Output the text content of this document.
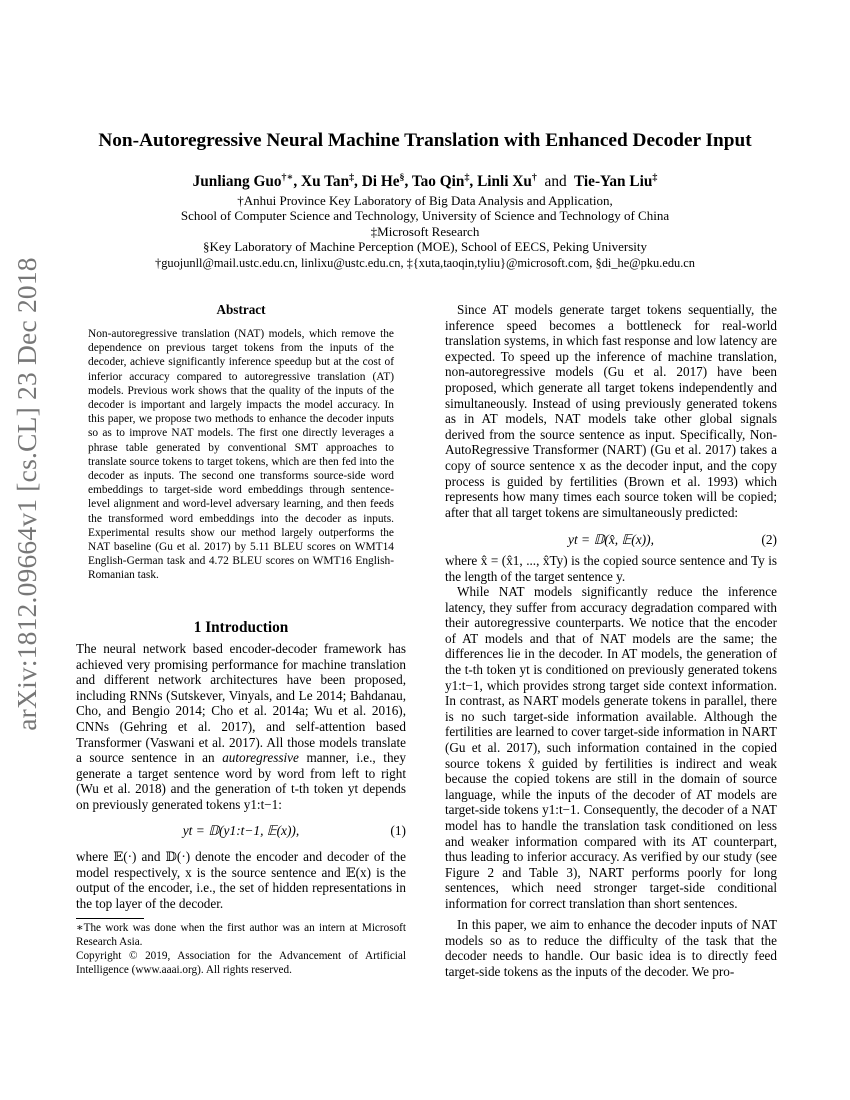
arXiv:1812.09664v1 [cs.CL] 23 Dec 2018
Non-Autoregressive Neural Machine Translation with Enhanced Decoder Input
Junliang Guo†∗, Xu Tan‡, Di He§, Tao Qin‡, Linli Xu† and Tie-Yan Liu‡
†Anhui Province Key Laboratory of Big Data Analysis and Application,
School of Computer Science and Technology, University of Science and Technology of China
‡Microsoft Research
§Key Laboratory of Machine Perception (MOE), School of EECS, Peking University
†guojunll@mail.ustc.edu.cn, linlixu@ustc.edu.cn, ‡{xuta,taoqin,tyliu}@microsoft.com, §di_he@pku.edu.cn
Abstract
Non-autoregressive translation (NAT) models, which remove the dependence on previous target tokens from the inputs of the decoder, achieve significantly inference speedup but at the cost of inferior accuracy compared to autoregressive translation (AT) models. Previous work shows that the quality of the inputs of the decoder is important and largely impacts the model accuracy. In this paper, we propose two methods to enhance the decoder inputs so as to improve NAT models. The first one directly leverages a phrase table generated by conventional SMT approaches to translate source tokens to target tokens, which are then fed into the decoder as inputs. The second one transforms source-side word embeddings to target-side word embeddings through sentence-level alignment and word-level adversary learning, and then feeds the transformed word embeddings into the decoder as inputs. Experimental results show our method largely outperforms the NAT baseline (Gu et al. 2017) by 5.11 BLEU scores on WMT14 English-German task and 4.72 BLEU scores on WMT16 English-Romanian task.
1 Introduction
The neural network based encoder-decoder framework has achieved very promising performance for machine translation and different network architectures have been proposed, including RNNs (Sutskever, Vinyals, and Le 2014; Bahdanau, Cho, and Bengio 2014; Cho et al. 2014a; Wu et al. 2016), CNNs (Gehring et al. 2017), and self-attention based Transformer (Vaswani et al. 2017). All those models translate a source sentence in an autoregressive manner, i.e., they generate a target sentence word by word from left to right (Wu et al. 2018) and the generation of t-th token yt depends on previously generated tokens y1:t−1:
yt = 𝔻(y1:t−1, 𝔼(x)),	(1)
where 𝔼(·) and 𝔻(·) denote the encoder and decoder of the model respectively, x is the source sentence and 𝔼(x) is the output of the encoder, i.e., the set of hidden representations in the top layer of the decoder.
∗The work was done when the first author was an intern at Microsoft Research Asia.
Copyright © 2019, Association for the Advancement of Artificial Intelligence (www.aaai.org). All rights reserved.
Since AT models generate target tokens sequentially, the inference speed becomes a bottleneck for real-world translation systems, in which fast response and low latency are expected. To speed up the inference of machine translation, non-autoregressive models (Gu et al. 2017) have been proposed, which generate all target tokens independently and simultaneously. Instead of using previously generated tokens as in AT models, NAT models take other global signals derived from the source sentence as input. Specifically, Non-AutoRegressive Transformer (NART) (Gu et al. 2017) takes a copy of source sentence x as the decoder input, and the copy process is guided by fertilities (Brown et al. 1993) which represents how many times each source token will be copied; after that all target tokens are simultaneously predicted:
yt = 𝔻(x̂, 𝔼(x)),	(2)
where x̂ = (x̂1, ..., x̂Ty) is the copied source sentence and Ty is the length of the target sentence y.
While NAT models significantly reduce the inference latency, they suffer from accuracy degradation compared with their autoregressive counterparts. We notice that the encoder of AT models and that of NAT models are the same; the differences lie in the decoder. In AT models, the generation of the t-th token yt is conditioned on previously generated tokens y1:t−1, which provides strong target side context information. In contrast, as NART models generate tokens in parallel, there is no such target-side information available. Although the fertilities are learned to cover target-side information in NART (Gu et al. 2017), such information contained in the copied source tokens x̂ guided by fertilities is indirect and weak because the copied tokens are still in the domain of source language, while the inputs of the decoder of AT models are target-side tokens y1:t−1. Consequently, the decoder of a NAT model has to handle the translation task conditioned on less and weaker information compared with its AT counterpart, thus leading to inferior accuracy. As verified by our study (see Figure 2 and Table 3), NART performs poorly for long sentences, which need stronger target-side conditional information for correct translation than short sentences.
In this paper, we aim to enhance the decoder inputs of NAT models so as to reduce the difficulty of the task that the decoder needs to handle. Our basic idea is to directly feed target-side tokens as the inputs of the decoder. We pro-
